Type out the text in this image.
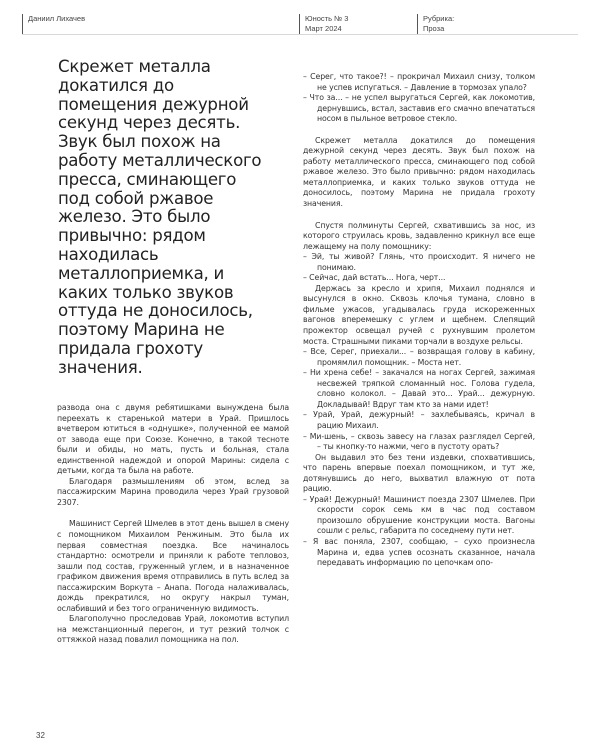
Даниил Лихачев	Юность № 3
Март 2024
Рубрика:
Проза

Скрежет металла докатился до помещения дежурной секунд через десять. Звук был похож на работу металлического пресса, сминающего под собой ржавое железо. Это было привычно: рядом находилась металлоприемка, и каких только звуков оттуда не доносилось, поэтому Марина не придала грохоту значения.

развода она с двумя ребятишками вынуждена была переехать к старенькой матери в Урай. Пришлось вчетвером ютиться в «однушке», полученной ее мамой от завода еще при Союзе. Конечно, в такой тесноте были и обиды, но мать, пусть и больная, стала единственной надеждой и опорой Марины: сидела с детьми, когда та была на работе.

Благодаря размышлениям об этом, вслед за пассажирским Марина проводила через Урай грузовой 2307.

Машинист Сергей Шмелев в этот день вышел в смену с помощником Михаилом Ренжиным. Это была их первая совместная поездка. Все начиналось стандартно: осмотрели и приняли к работе тепловоз, зашли под состав, груженный углем, и в назначенное графиком движения время отправились в путь вслед за пассажирским Воркута – Анапа. Погода налаживалась, дождь прекратился, но округу накрыл туман, ослабивший и без того ограниченную видимость.

Благополучно проследовав Урай, локомотив вступил на межстанционный перегон, и тут резкий толчок с оттяжкой назад повалил помощника на пол.

– Серег, что такое?! – прокричал Михаил снизу, толком не успев испугаться. – Давление в тормозах упало?

– Что за... – не успел выругаться Сергей, как локомотив, дернувшись, встал, заставив его смачно впечататься носом в пыльное ветровое стекло.

Скрежет металла докатился до помещения дежурной секунд через десять. Звук был похож на работу металлического пресса, сминающего под собой ржавое железо. Это было привычно: рядом находилась металлоприемка, и каких только звуков оттуда не доносилось, поэтому Марина не придала грохоту значения.

Спустя полминуты Сергей, схватившись за нос, из которого струилась кровь, задавленно крикнул все еще лежащему на полу помощнику:

– Эй, ты живой? Глянь, что происходит. Я ничего не понимаю.

– Сейчас, дай встать... Нога, черт...

Держась за кресло и хрипя, Михаил поднялся и высунулся в окно. Сквозь клочья тумана, словно в фильме ужасов, угадывалась груда искореженных вагонов вперемешку с углем и щебнем. Слепящий прожектор освещал ручей с рухнувшим пролетом моста. Страшными пиками торчали в воздухе рельсы.

– Все, Серег, приехали... – возвращая голову в кабину, промямлил помощник. – Моста нет.

– Ни хрена себе! – закачался на ногах Сергей, зажимая несвежей тряпкой сломанный нос. Голова гудела, словно колокол. – Давай это... Урай... дежурную. Докладывай! Вдруг там кто за нами идет!

– Урай, Урай, дежурный! – захлебываясь, кричал в рацию Михаил.

– Ми-шень, – сквозь завесу на глазах разглядел Сергей, – ты кнопку-то нажми, чего в пустоту орать?

Он выдавил это без тени издевки, спохватившись, что парень впервые поехал помощником, и тут же, дотянувшись до него, выхватил влажную от пота рацию.

– Урай! Дежурный! Машинист поезда 2307 Шмелев. При скорости сорок семь км в час под составом произошло обрушение конструкции моста. Вагоны сошли с рельс, габарита по соседнему пути нет.

– Я вас поняла, 2307, сообщаю, – сухо произнесла Марина и, едва успев осознать сказанное, начала передавать информацию по цепочкам опо-

32
